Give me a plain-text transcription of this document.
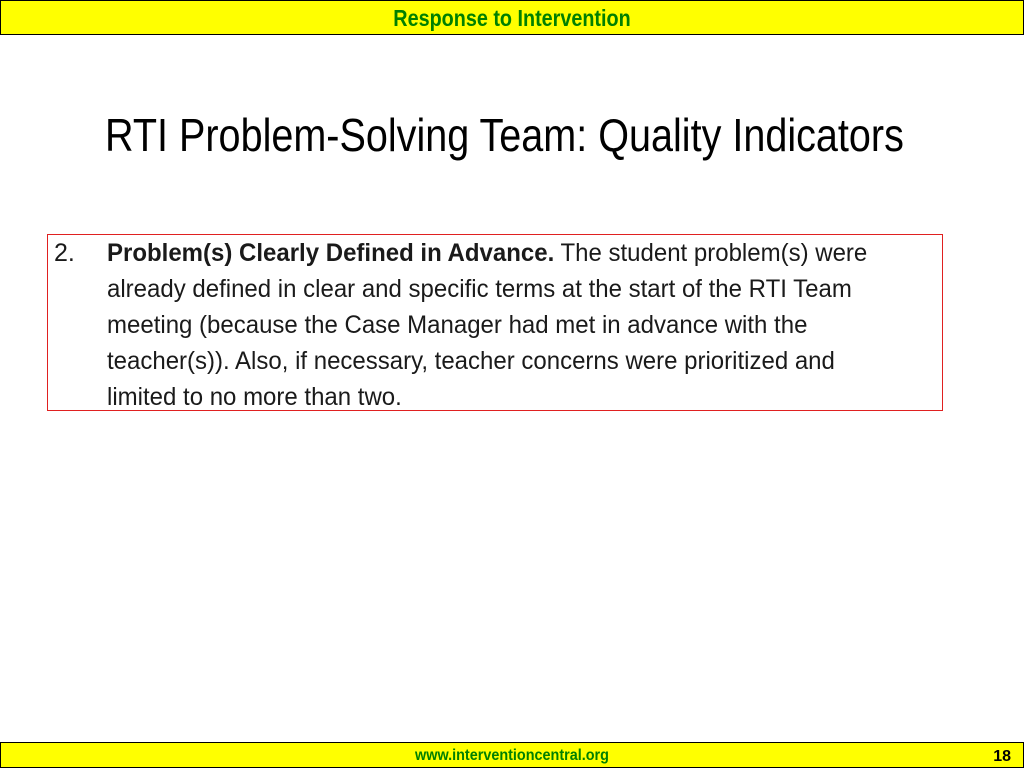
Response to Intervention
RTI Problem-Solving Team: Quality Indicators
2. Problem(s) Clearly Defined in Advance. The student problem(s) were already defined in clear and specific terms at the start of the RTI Team meeting (because the Case Manager had met in advance with the teacher(s)). Also, if necessary, teacher concerns were prioritized and limited to no more than two.
www.interventioncentral.org	18
